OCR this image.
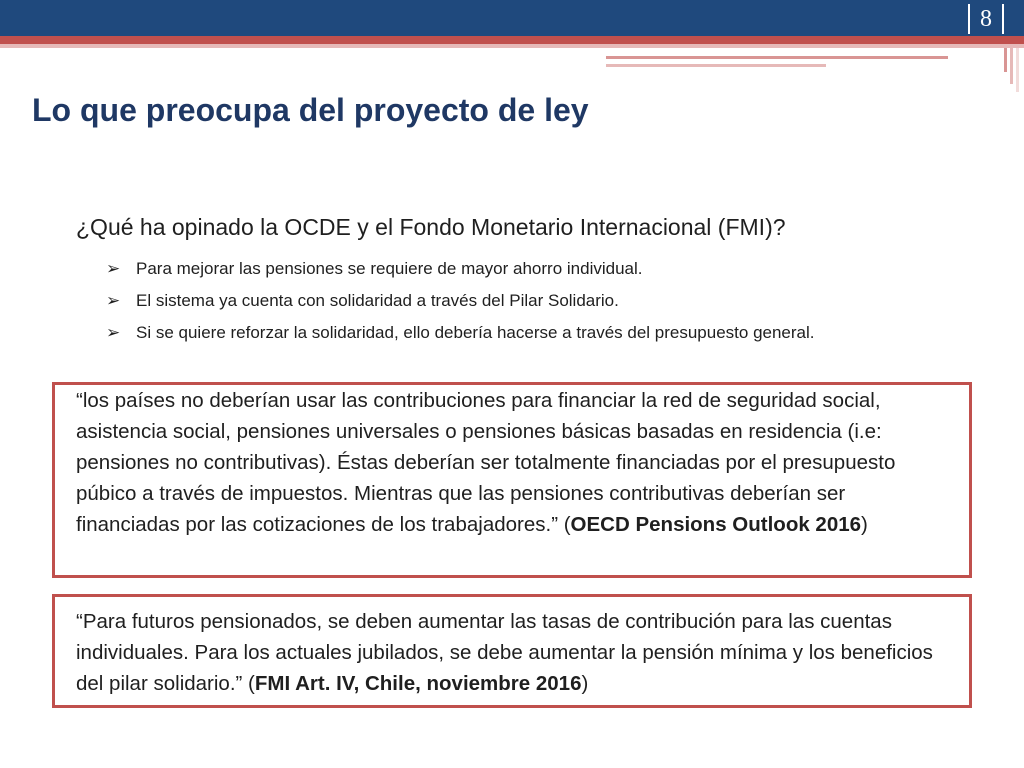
8
Lo que preocupa del proyecto de ley

¿Qué ha opinado la OCDE y el Fondo Monetario Internacional (FMI)?

➢ Para mejorar las pensiones se requiere de mayor ahorro individual.
➢ El sistema ya cuenta con solidaridad a través del Pilar Solidario.
➢ Si se quiere reforzar la solidaridad, ello debería hacerse a través del presupuesto general.

“los países no deberían usar las contribuciones para financiar la red de seguridad social, asistencia social, pensiones universales o pensiones básicas basadas en residencia (i.e: pensiones no contributivas). Éstas deberían ser totalmente financiadas por el presupuesto púbico a través de impuestos. Mientras que las pensiones contributivas deberían ser financiadas por las cotizaciones de los trabajadores.” (OECD Pensions Outlook 2016)

“Para futuros pensionados, se deben aumentar las tasas de contribución para las cuentas individuales. Para los actuales jubilados, se debe aumentar la pensión mínima y los beneficios del pilar solidario.” (FMI Art. IV, Chile, noviembre 2016)
